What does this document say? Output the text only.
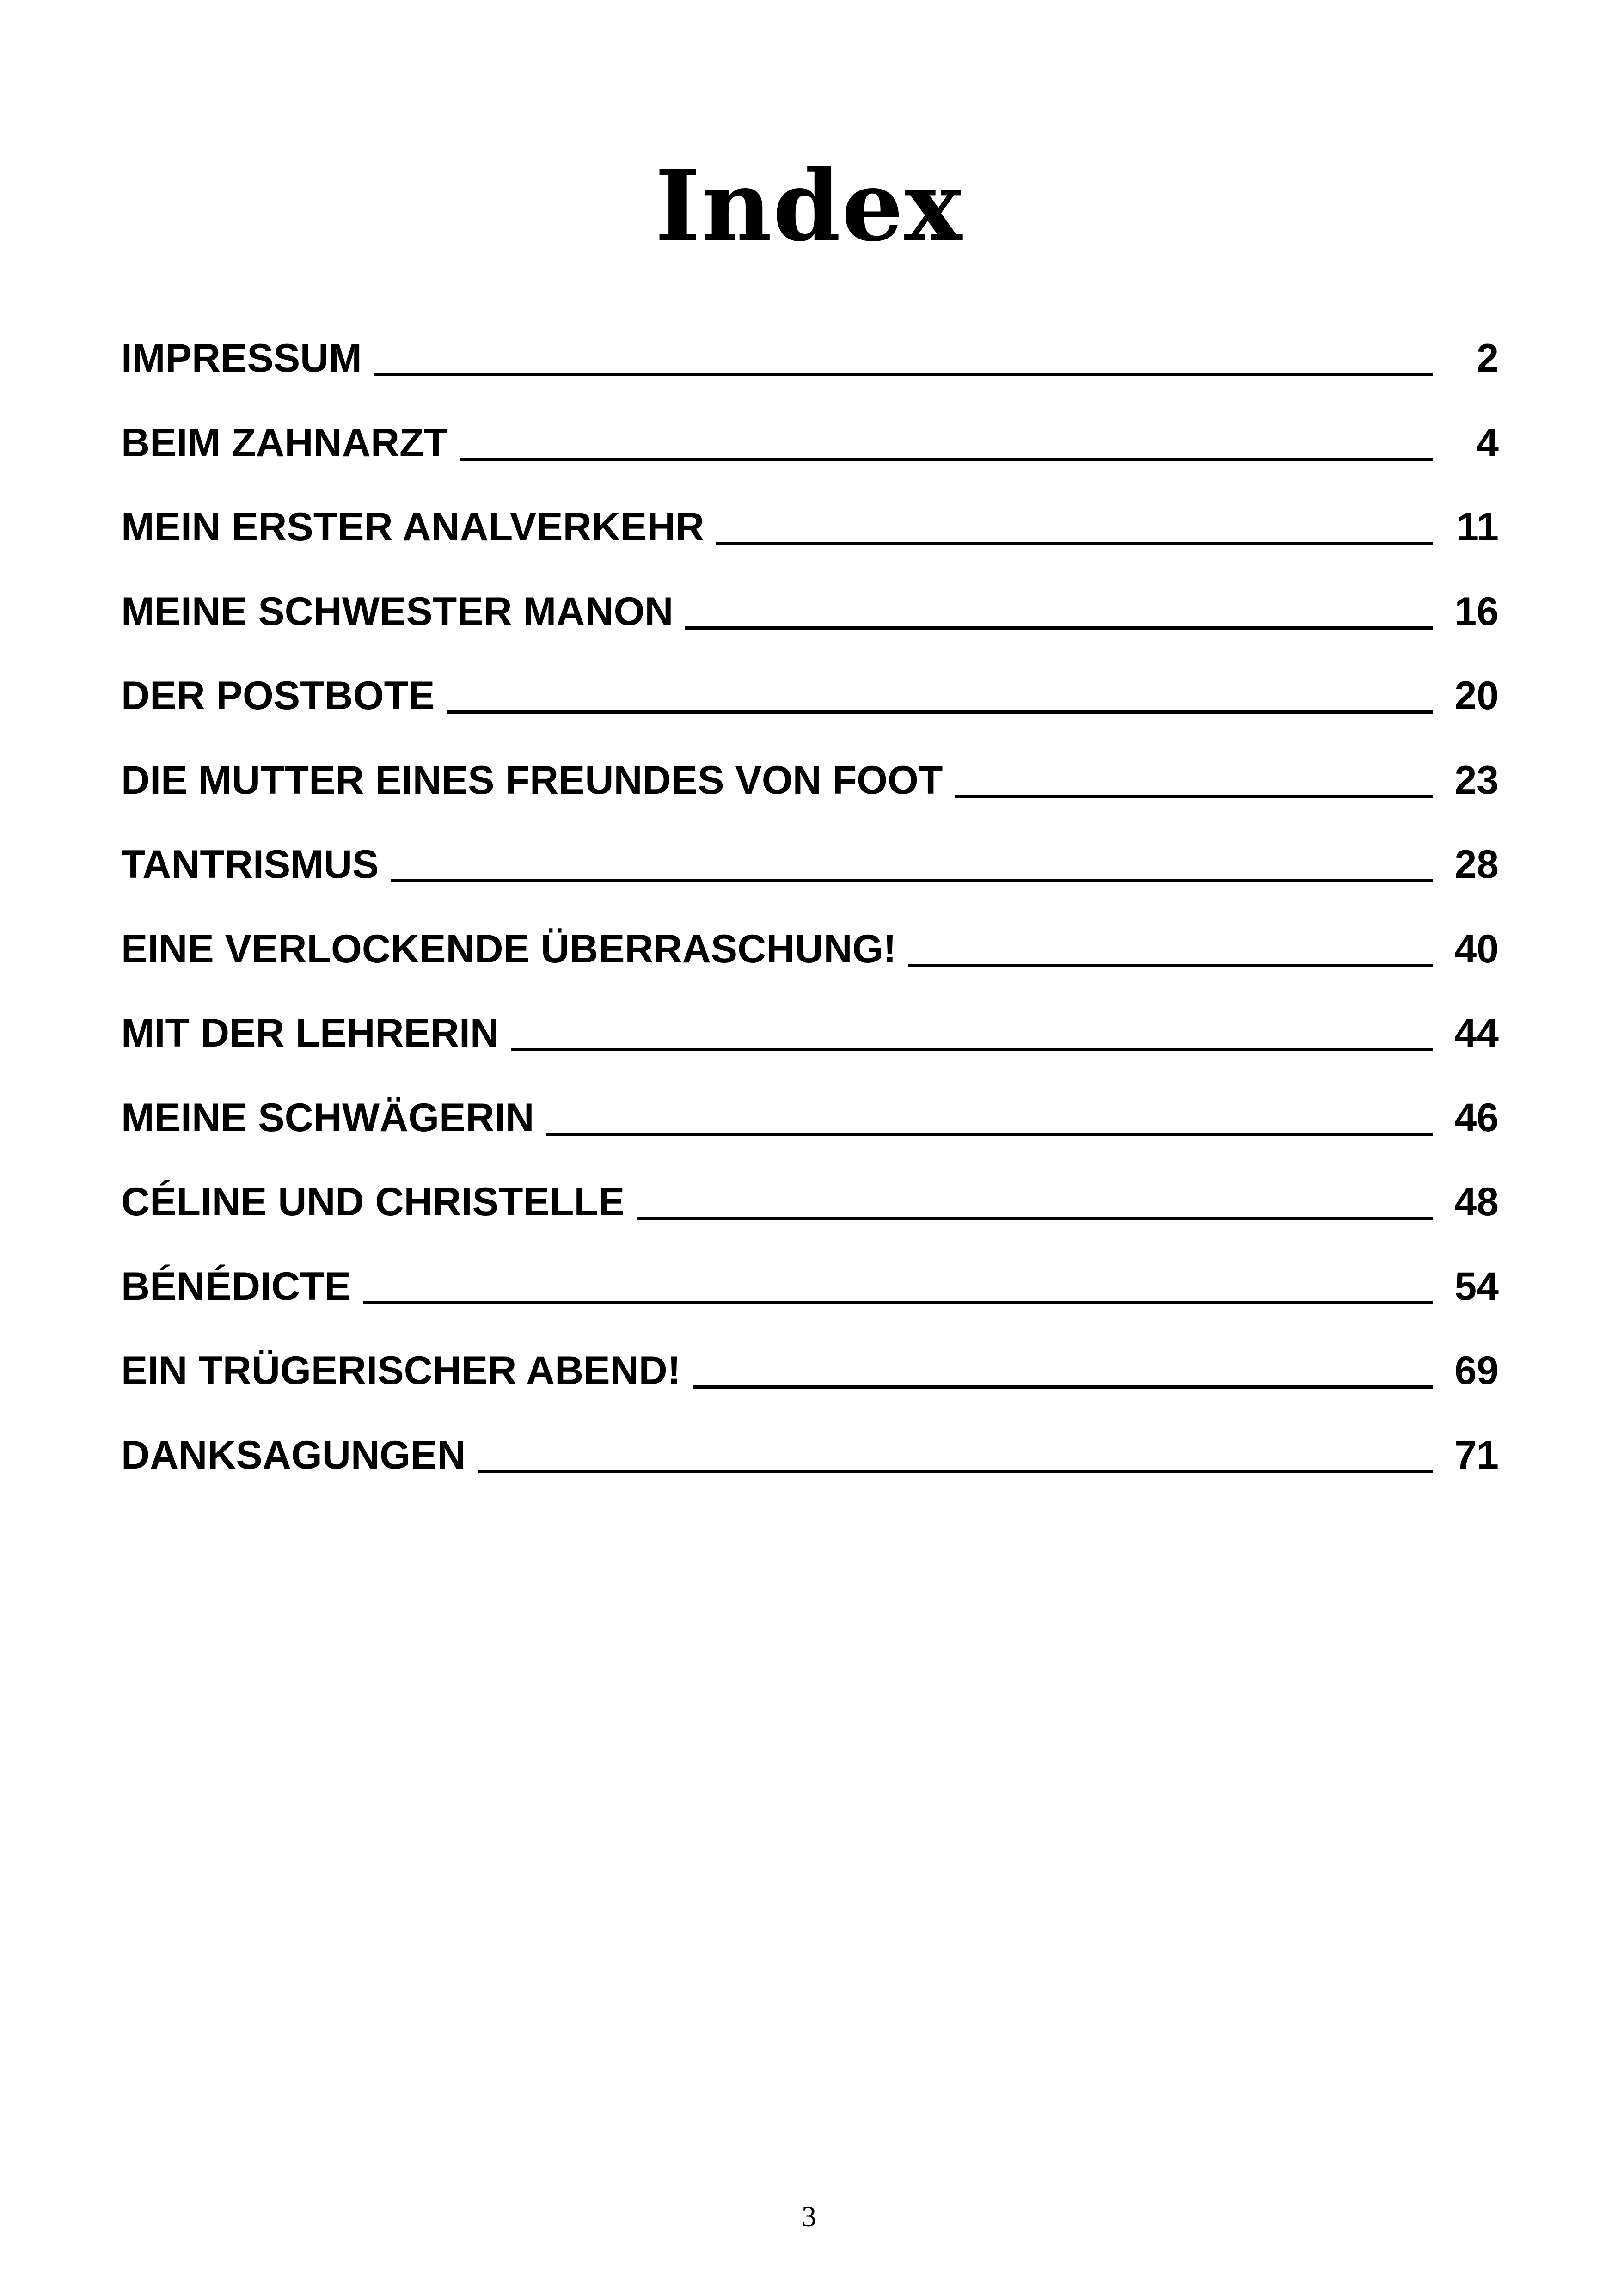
Index
IMPRESSUM	2
BEIM ZAHNARZT	4
MEIN ERSTER ANALVERKEHR	11
MEINE SCHWESTER MANON	16
DER POSTBOTE	20
DIE MUTTER EINES FREUNDES VON FOOT	23
TANTRISMUS	28
EINE VERLOCKENDE ÜBERRASCHUNG!	40
MIT DER LEHRERIN	44
MEINE SCHWÄGERIN	46
CÉLINE UND CHRISTELLE	48
BÉNÉDICTE	54
EIN TRÜGERISCHER ABEND!	69
DANKSAGUNGEN	71
3
